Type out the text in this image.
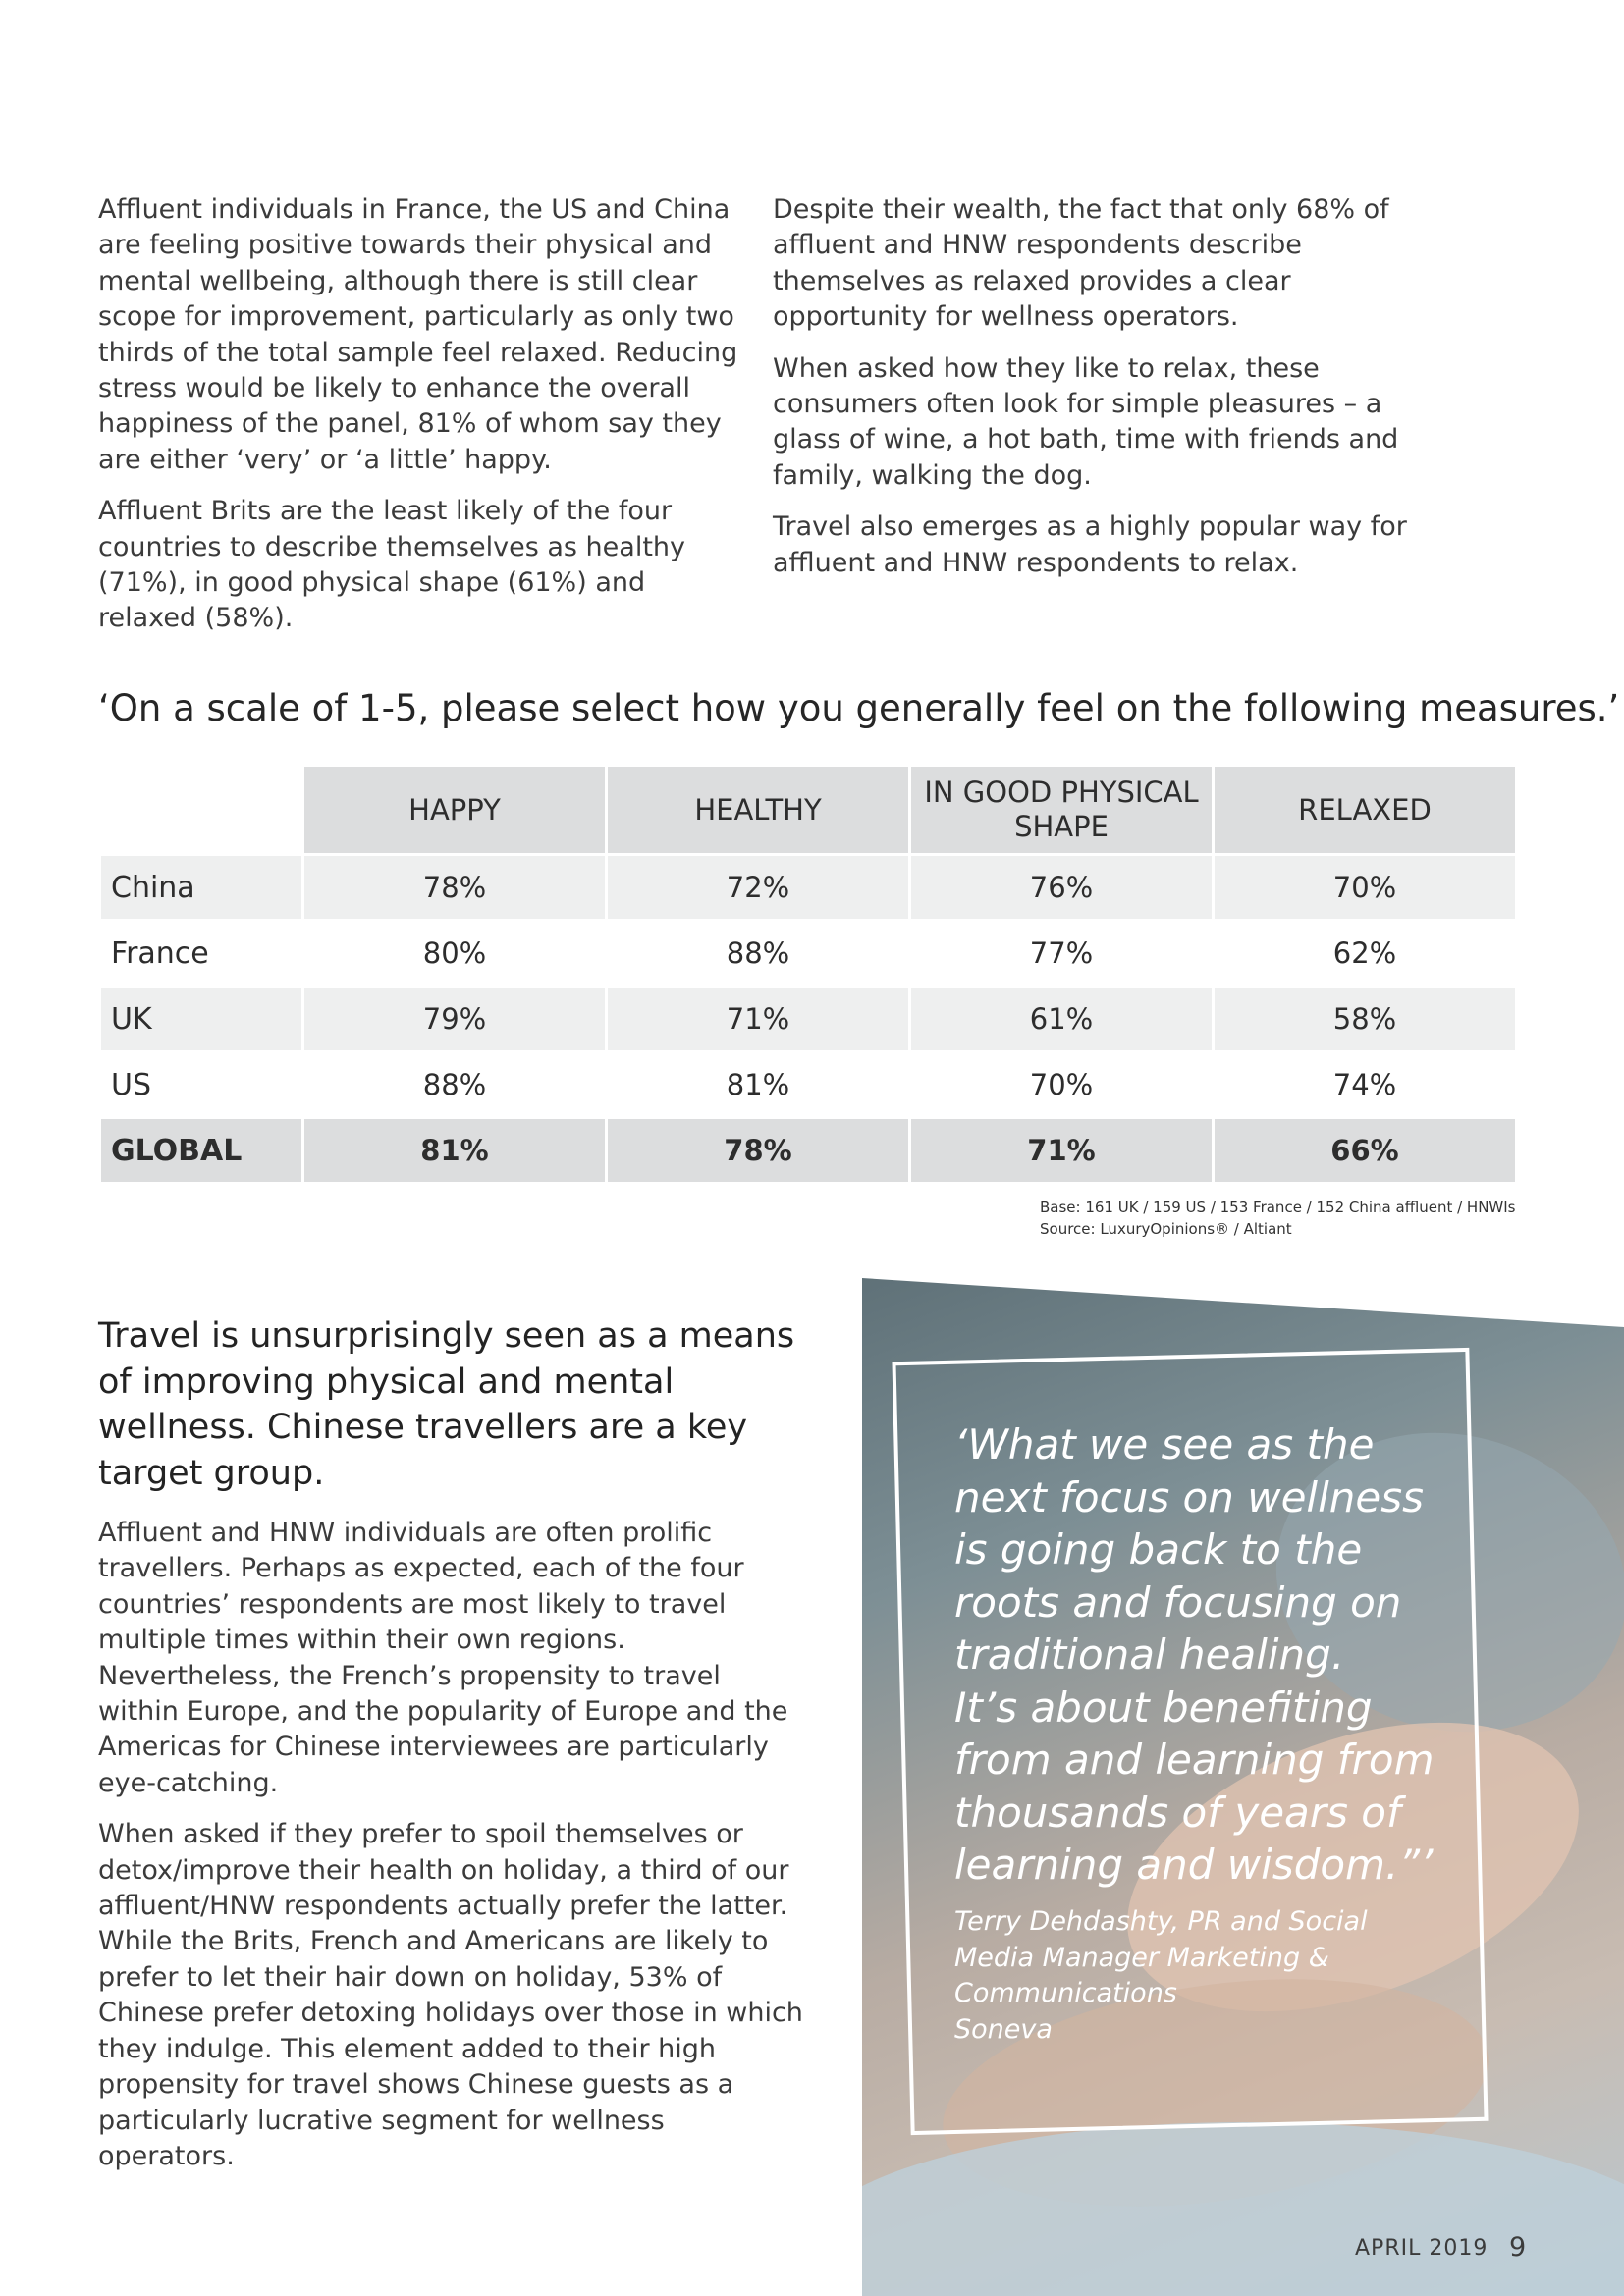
Affluent individuals in France, the US and China are feeling positive towards their physical and mental wellbeing, although there is still clear scope for improvement, particularly as only two thirds of the total sample feel relaxed. Reducing stress would be likely to enhance the overall happiness of the panel, 81% of whom say they are either ‘very’ or ‘a little’ happy.

Affluent Brits are the least likely of the four countries to describe themselves as healthy (71%), in good physical shape (61%) and relaxed (58%).

Despite their wealth, the fact that only 68% of affluent and HNW respondents describe themselves as relaxed provides a clear opportunity for wellness operators.

When asked how they like to relax, these consumers often look for simple pleasures – a glass of wine, a hot bath, time with friends and family, walking the dog.

Travel also emerges as a highly popular way for affluent and HNW respondents to relax.

‘On a scale of 1-5, please select how you generally feel on the following measures.’
	HAPPY	HEALTHY	IN GOOD PHYSICAL SHAPE	RELAXED
China	78%	72%	76%	70%
France	80%	88%	77%	62%
UK	79%	71%	61%	58%
US	88%	81%	70%	74%
GLOBAL	81%	78%	71%	66%
Base: 161 UK / 159 US / 153 France / 152 China affluent / HNWIs
Source: LuxuryOpinions® / Altiant
Travel is unsurprisingly seen as a means of improving physical and mental wellness. Chinese travellers are a key target group.

Affluent and HNW individuals are often prolific travellers. Perhaps as expected, each of the four countries’ respondents are most likely to travel multiple times within their own regions. Nevertheless, the French’s propensity to travel within Europe, and the popularity of Europe and the Americas for Chinese interviewees are particularly eye-catching.

When asked if they prefer to spoil themselves or detox/improve their health on holiday, a third of our affluent/HNW respondents actually prefer the latter. While the Brits, French and Americans are likely to prefer to let their hair down on holiday, 53% of Chinese prefer detoxing holidays over those in which they indulge. This element added to their high propensity for travel shows Chinese guests as a particularly lucrative segment for wellness operators.

‘What we see as the
next focus on wellness
is going back to the
roots and focusing on
traditional healing.
It’s about benefiting
from and learning from
thousands of years of
learning and wisdom.”’
Terry Dehdashty, PR and Social
Media Manager Marketing &
Communications
Soneva
APRIL 2019 9
